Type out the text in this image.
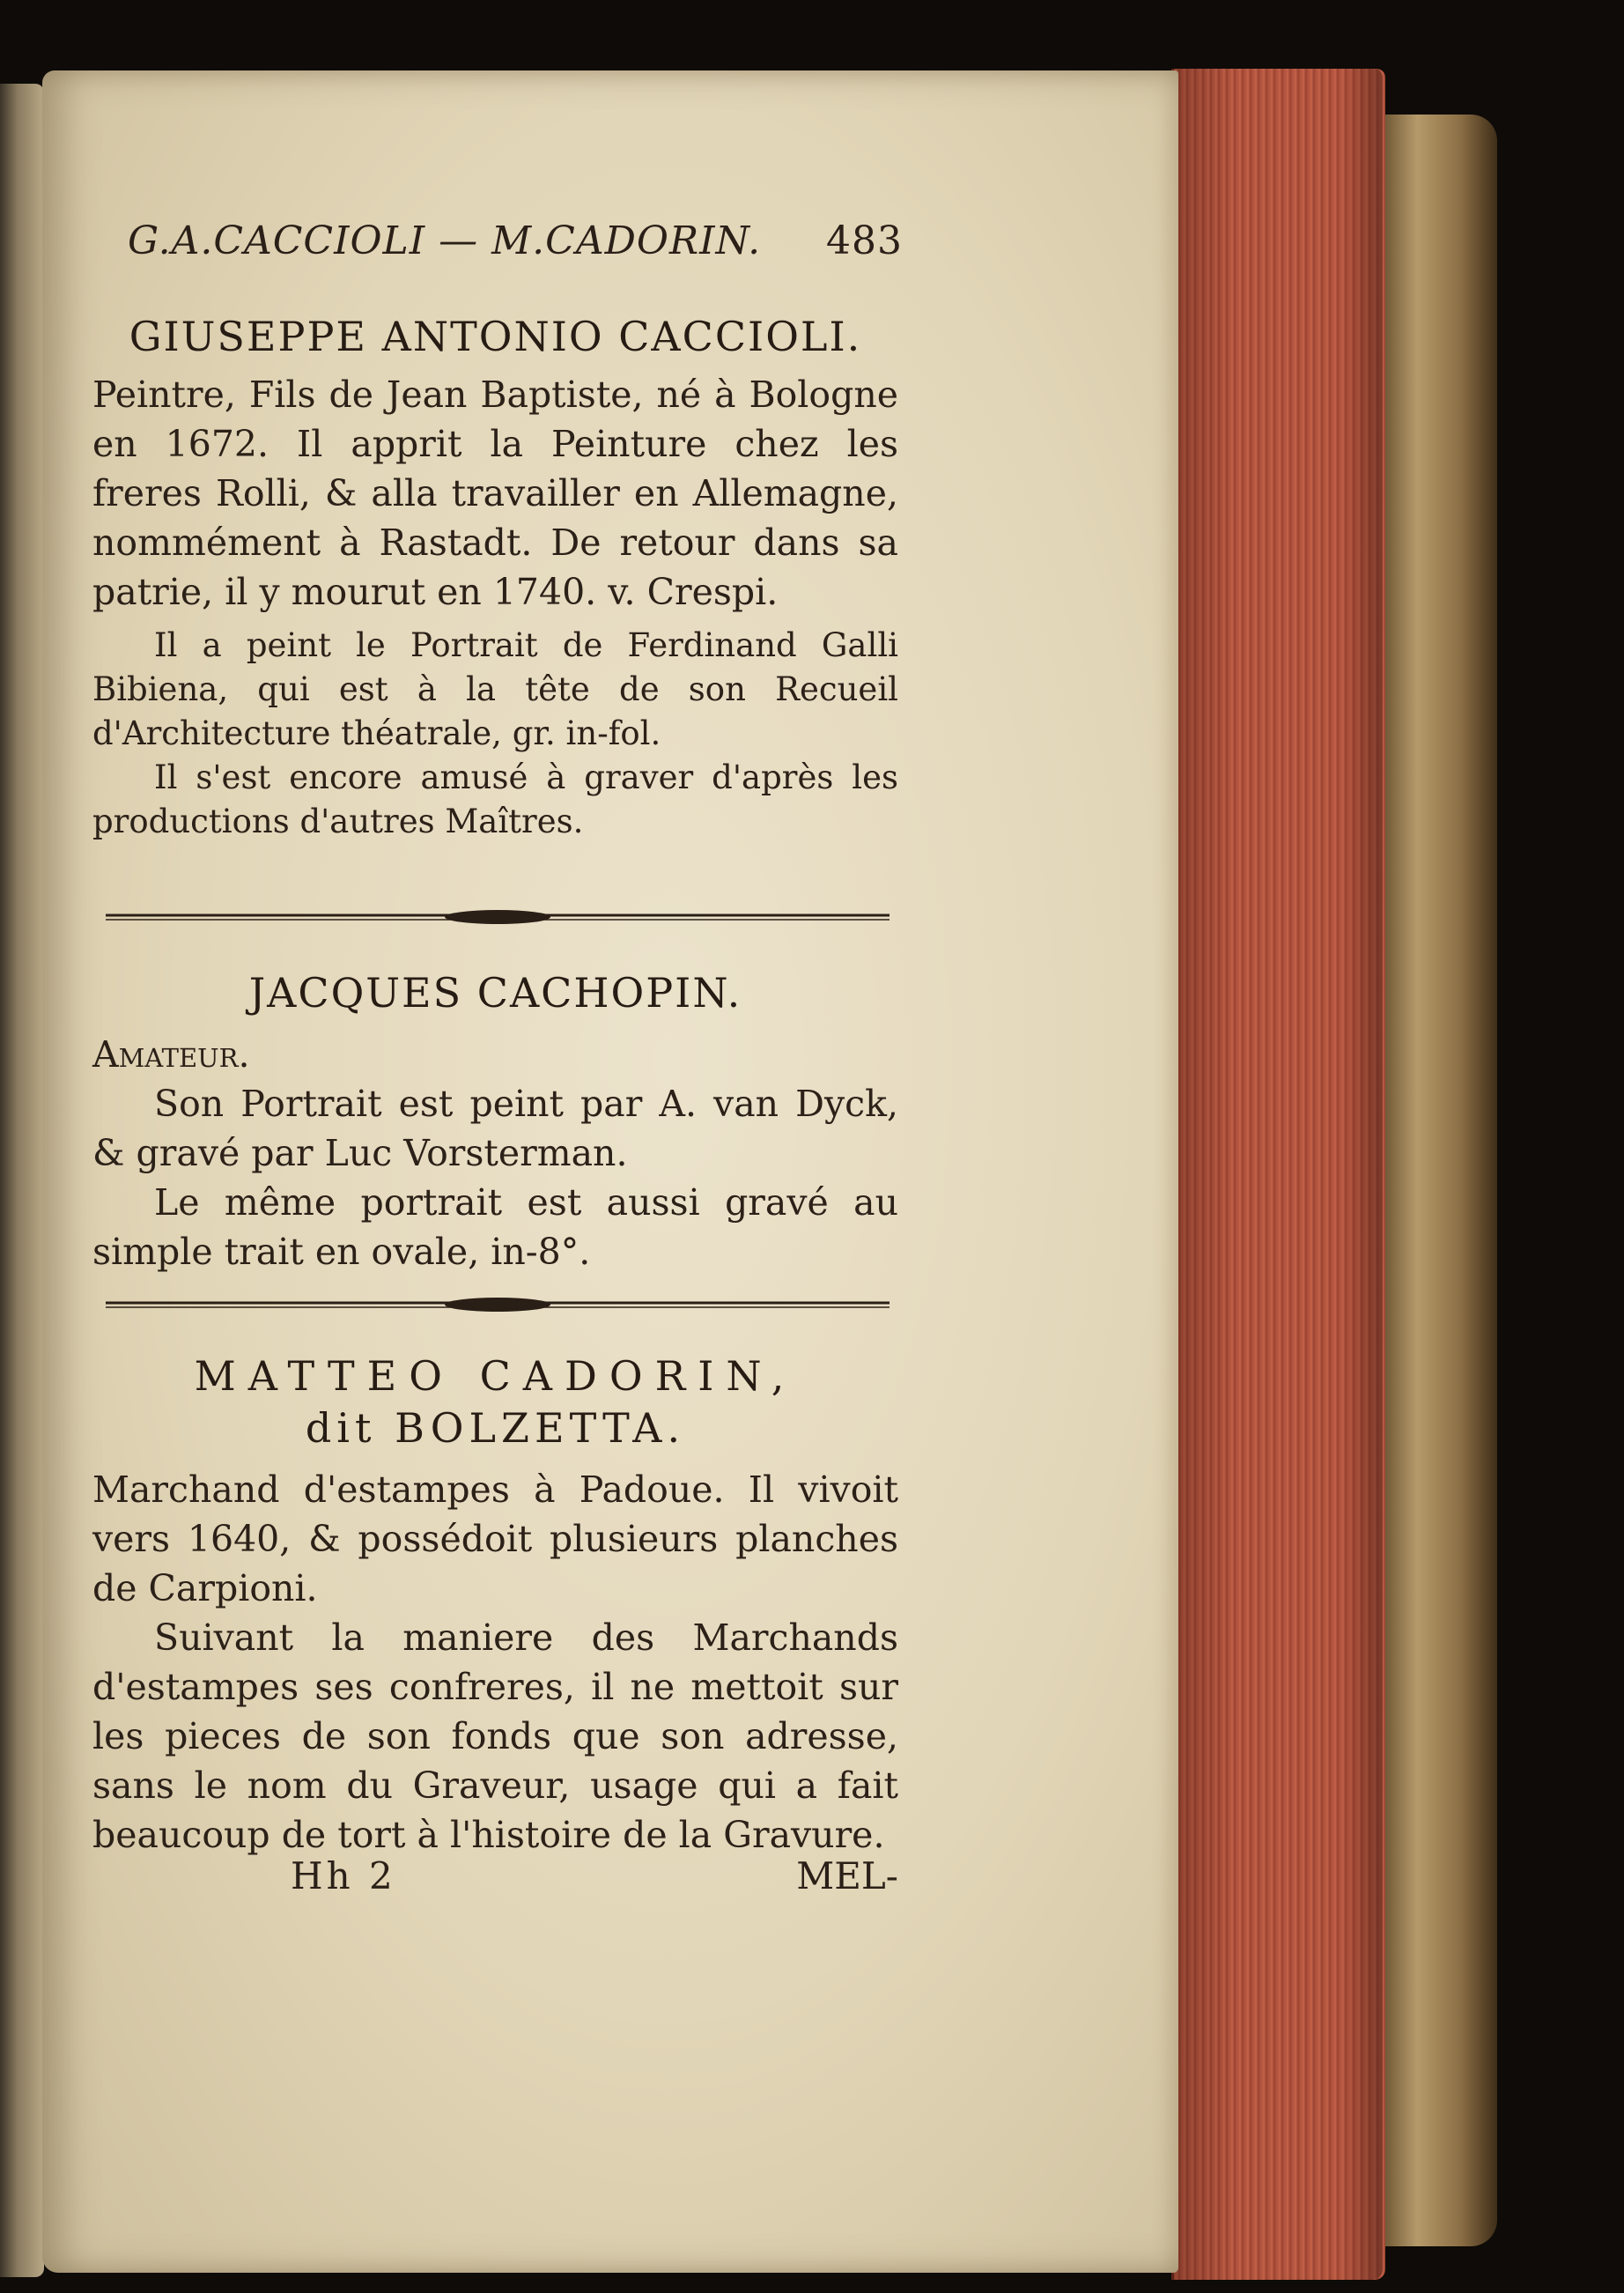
G.A.CACCIOLI — M.CADORIN. 483

GIUSEPPE ANTONIO CACCIOLI.

Peintre, Fils de Jean Baptiste, né à Bologne en 1672. Il apprit la Peinture chez les freres Rolli, & alla travailler en Allemagne, nommément à Rastadt. De retour dans sa patrie, il y mourut en 1740. v. Crespi.

Il a peint le Portrait de Ferdinand Galli Bibiena, qui est à la tête de son Recueil d'Architecture théatrale, gr. in-fol.

Il s'est encore amusé à graver d'après les productions d'autres Maîtres.

JACQUES CACHOPIN.

Amateur.

Son Portrait est peint par A. van Dyck, & gravé par Luc Vorsterman.

Le même portrait est aussi gravé au simple trait en ovale, in-8°.

MATTEO CADORIN,

dit BOLZETTA.

Marchand d'estampes à Padoue. Il vivoit vers 1640, & possédoit plusieurs planches de Carpioni.

Suivant la maniere des Marchands d'estampes ses confreres, il ne mettoit sur les pieces de son fonds que son adresse, sans le nom du Graveur, usage qui a fait beaucoup de tort à l'histoire de la Gravure.

Hh 2	MEL-
